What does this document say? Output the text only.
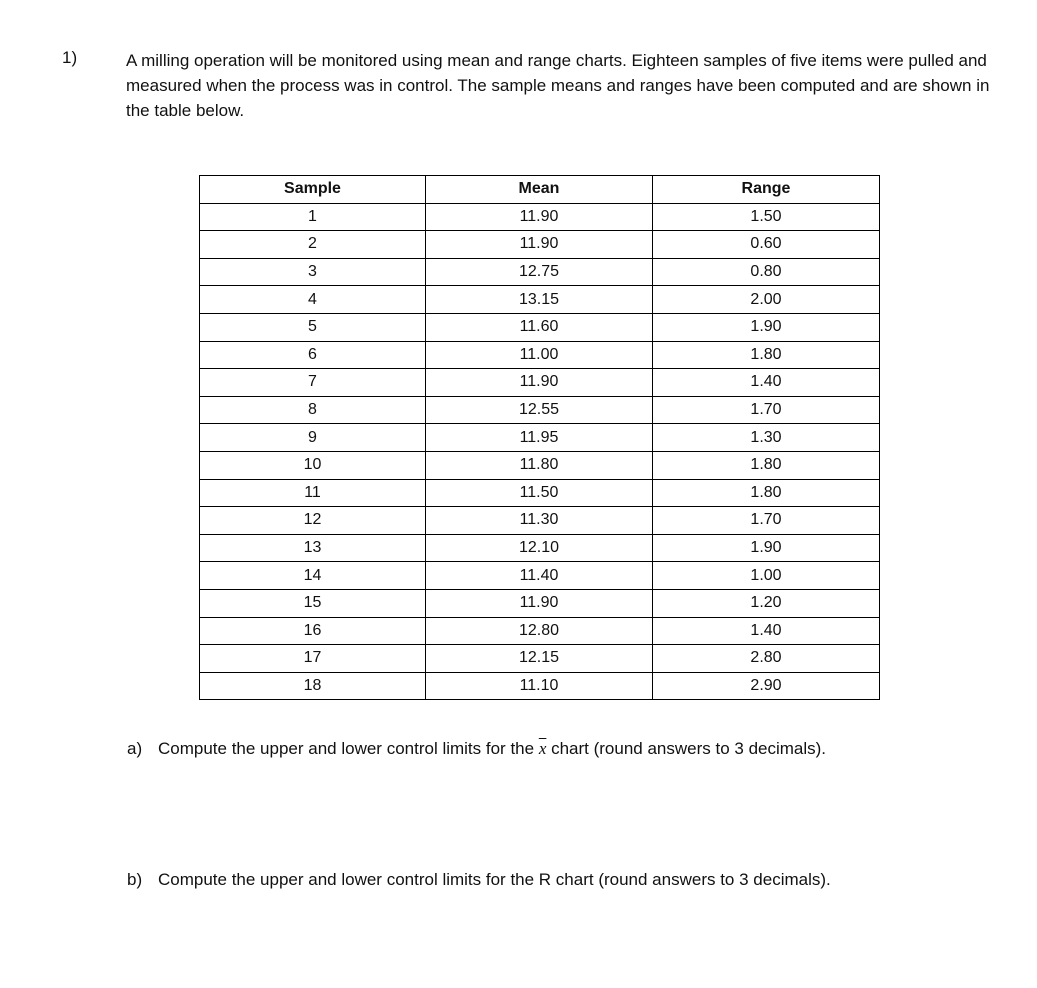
1)	A milling operation will be monitored using mean and range charts. Eighteen samples of five items were pulled and measured when the process was in control. The sample means and ranges have been computed and are shown in the table below.
Sample	Mean	Range
1	11.90	1.50
2	11.90	0.60
3	12.75	0.80
4	13.15	2.00
5	11.60	1.90
6	11.00	1.80
7	11.90	1.40
8	12.55	1.70
9	11.95	1.30
10	11.80	1.80
11	11.50	1.80
12	11.30	1.70
13	12.10	1.90
14	11.40	1.00
15	11.90	1.20
16	12.80	1.40
17	12.15	2.80
18	11.10	2.90
a) Compute the upper and lower control limits for the $\overline{x}$ chart (round answers to 3 decimals).
b) Compute the upper and lower control limits for the R chart (round answers to 3 decimals).
